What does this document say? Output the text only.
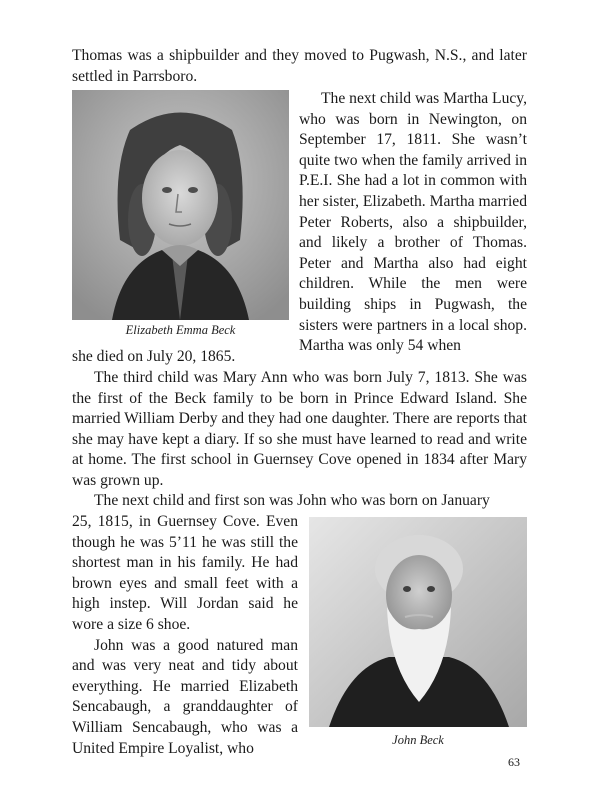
Thomas was a shipbuilder and they moved to Pugwash, N.S., and later settled in Parrsboro.

Elizabeth Emma Beck

The next child was Martha Lucy, who was born in Newington, on September 17, 1811. She wasn’t quite two when the family arrived in P.E.I. She had a lot in common with her sister, Elizabeth. Martha married Peter Roberts, also a shipbuilder, and likely a brother of Thomas. Peter and Martha also had eight children. While the men were building ships in Pugwash, the sisters were partners in a local shop. Martha was only 54 when

she died on July 20, 1865.

The third child was Mary Ann who was born July 7, 1813. She was the first of the Beck family to be born in Prince Edward Island. She married William Derby and they had one daughter. There are reports that she may have kept a diary. If so she must have learned to read and write at home. The first school in Guernsey Cove opened in 1834 after Mary was grown up.

The next child and first son was John who was born on January

25, 1815, in Guernsey Cove. Even though he was 5’11 he was still the shortest man in his family. He had brown eyes and small feet with a high instep. Will Jordan said he wore a size 6 shoe.

John was a good natured man and was very neat and tidy about everything. He married Elizabeth Sencabaugh, a granddaughter of William Sencabaugh, who was a United Empire Loyalist, who	John Beck
63
